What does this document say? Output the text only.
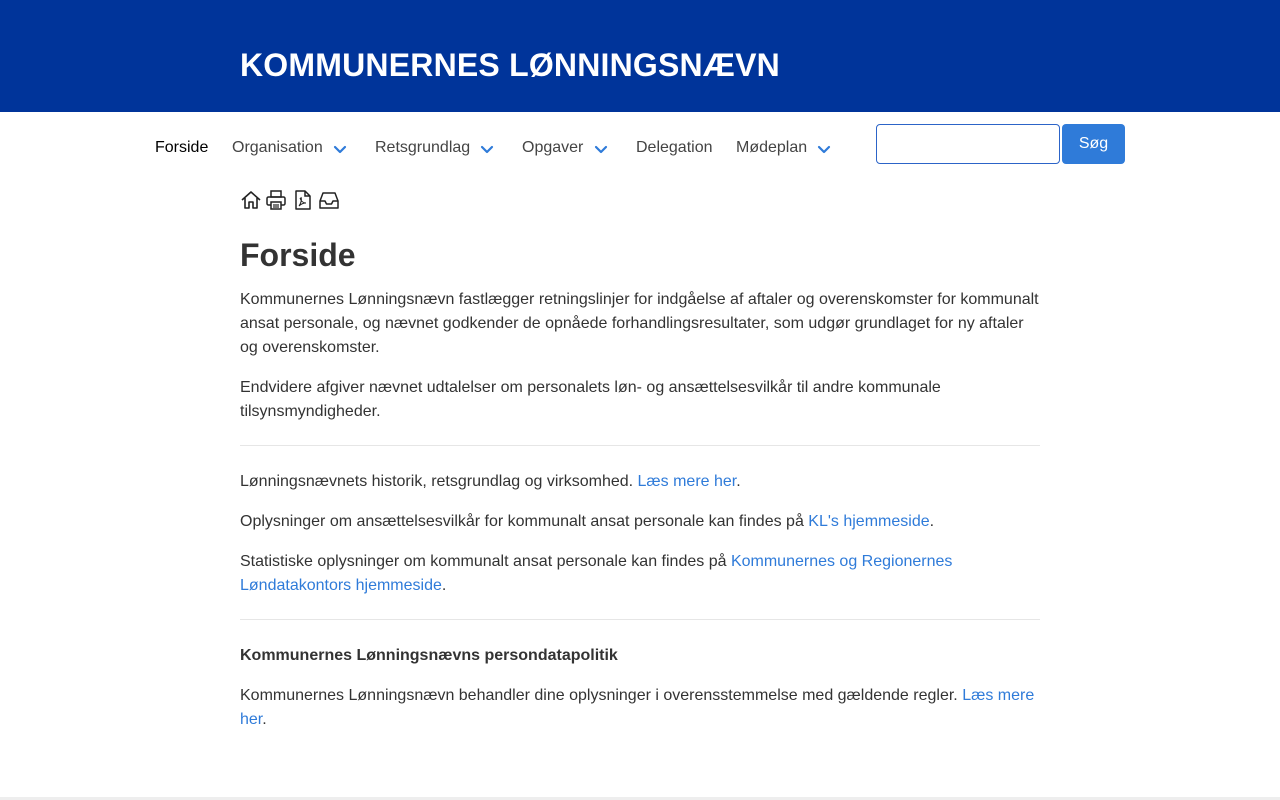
KOMMUNERNES LØNNINGSNÆVN
Forside Organisation	Retsgrundlag	Opgaver	Delegation Mødeplan	Søg
Forside

Kommunernes Lønningsnævn fastlægger retningslinjer for indgåelse af aftaler og overenskomster for kommunalt ansat personale, og nævnet godkender de opnåede forhandlingsresultater, som udgør grundlaget for ny aftaler og overenskomster.

Endvidere afgiver nævnet udtalelser om personalets løn- og ansættelsesvilkår til andre kommunale tilsynsmyndigheder.

Lønningsnævnets historik, retsgrundlag og virksomhed. Læs mere her.

Oplysninger om ansættelsesvilkår for kommunalt ansat personale kan findes på KL's hjemmeside.

Statistiske oplysninger om kommunalt ansat personale kan findes på Kommunernes og Regionernes Løndatakontors hjemmeside.

Kommunernes Lønningsnævns persondatapolitik

Kommunernes Lønningsnævn behandler dine oplysninger i overensstemmelse med gældende regler. Læs mere her.
